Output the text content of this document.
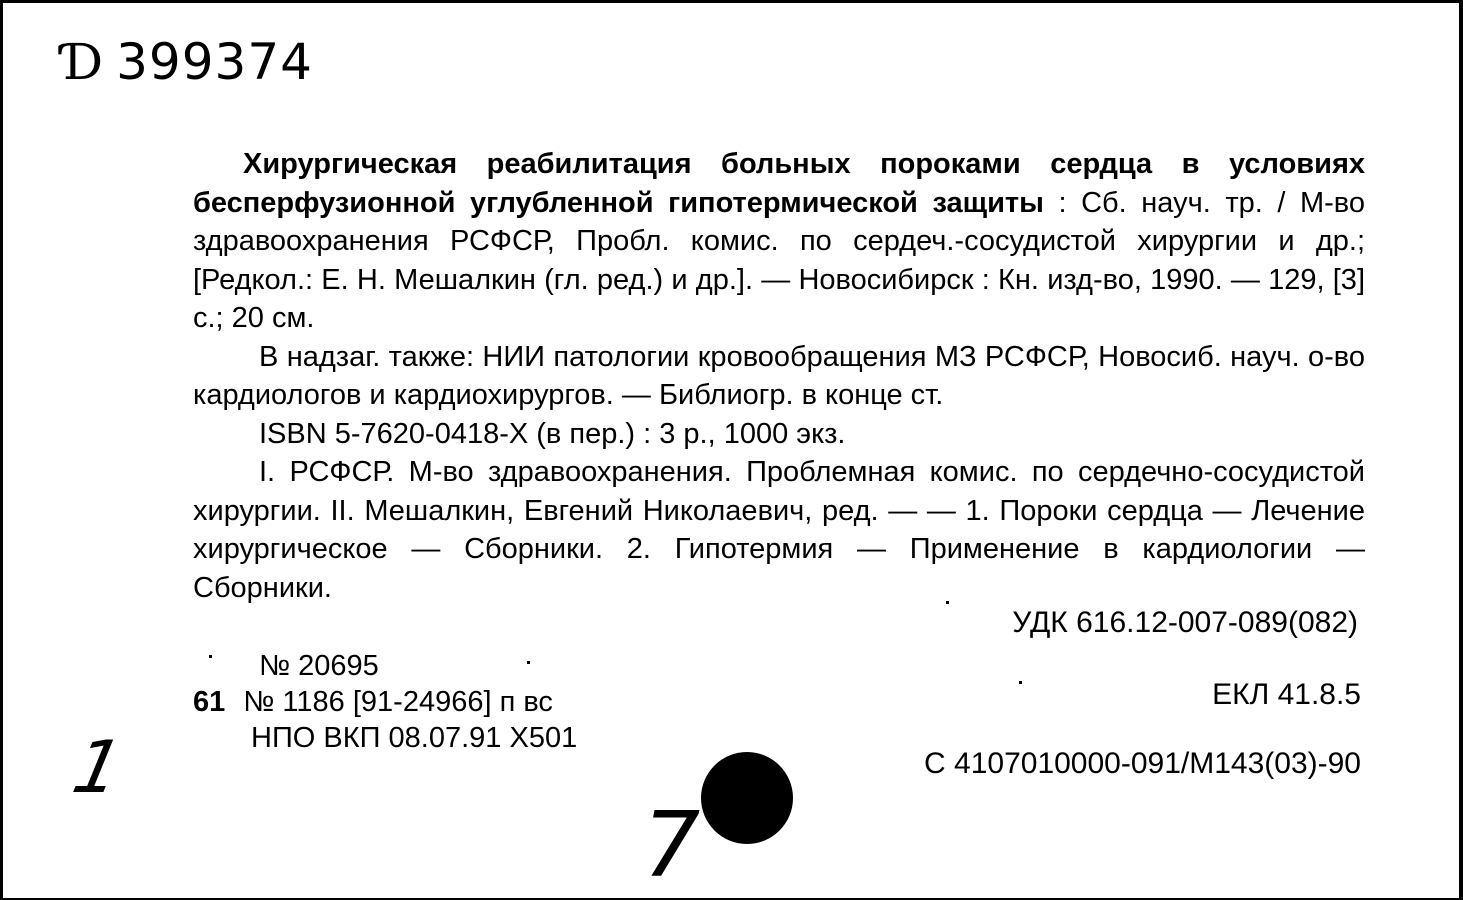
Ɗ 399374

Хирургическая реабилитация больных пороками сердца в условиях бесперфузионной углубленной гипотермической защиты : Сб. науч. тр. / М-во здравоохранения РСФСР, Пробл. комис. по сердеч.-сосудистой хирургии и др.; [Редкол.: Е. Н. Мешалкин (гл. ред.) и др.]. — Новосибирск : Кн. изд-во, 1990. — 129, [3] с.; 20 см.

В надзаг. также: НИИ патологии кровообращения МЗ РСФСР, Новосиб. науч. о-во кардиологов и кардиохирургов. — Библиогр. в конце ст.

ISBN 5-7620-0418-X (в пер.) : 3 р., 1000 экз.

I. РСФСР. М-во здравоохранения. Проблемная комис. по сердечно-сосудистой хирургии. II. Мешалкин, Евгений Николаевич, ред. — — 1. Пороки сердца — Лечение хирургическое — Сборники. 2. Гипотермия — Применение в кардиологии — Сборники.

УДК 616.12-007-089(082)
№ 20695
61 № 1186 [91-24966] п вс
НПО ВКП 08.07.91 Х501
ЕКЛ 41.8.5
С 4107010000-091/М143(03)-90
1
7
